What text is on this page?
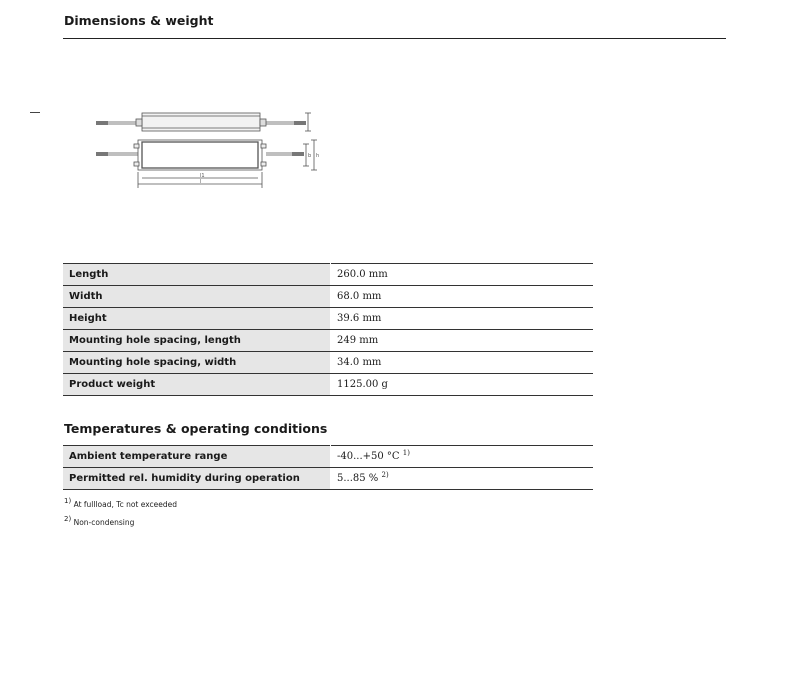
Dimensions & weight
l1
l
b h
Length	260.0 mm
Width	68.0 mm
Height	39.6 mm
Mounting hole spacing, length	249 mm
Mounting hole spacing, width	34.0 mm
Product weight	1125.00 g
Temperatures & operating conditions
Ambient temperature range	-40...+50 °C $^{1)}$
Permitted rel. humidity during operation	5...85 % $^{2)}$
$^{1)}$ At fullload, Tc not exceeded
$^{2)}$ Non-condensing
